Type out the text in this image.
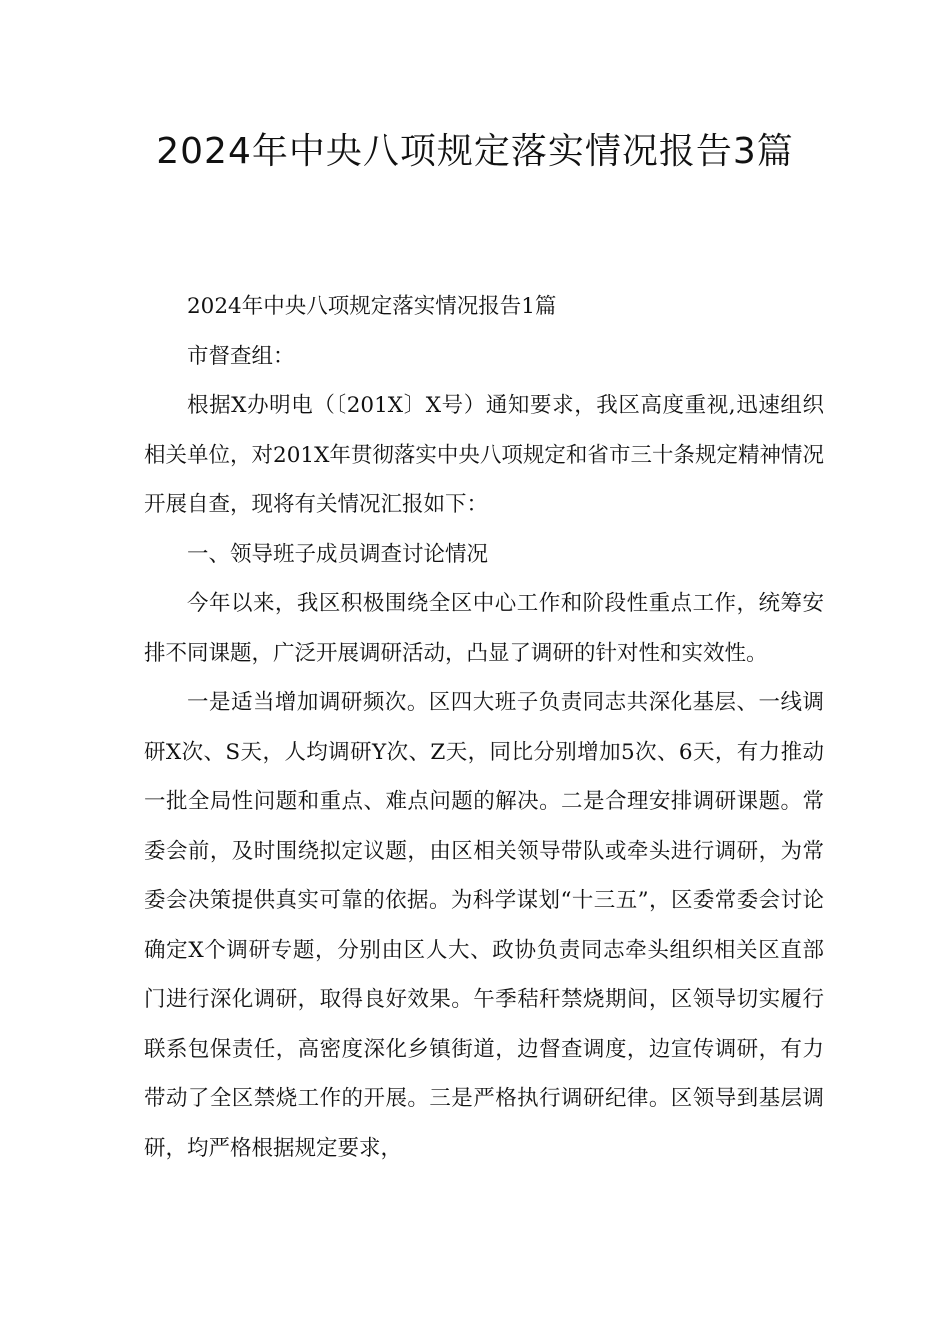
2024年中央八项规定落实情况报告3篇

2024年中央八项规定落实情况报告1篇

市督查组：

根据X办明电（〔201X〕X号）通知要求，我区高度重视,迅速组织相关单位，对201X年贯彻落实中央八项规定和省市三十条规定精神情况开展自查，现将有关情况汇报如下：

一、领导班子成员调查讨论情况

今年以来，我区积极围绕全区中心工作和阶段性重点工作，统筹安排不同课题，广泛开展调研活动，凸显了调研的针对性和实效性。

一是适当增加调研频次。区四大班子负责同志共深化基层、一线调研X次、S天，人均调研Y次、Z天，同比分别增加5次、6天，有力推动一批全局性问题和重点、难点问题的解决。二是合理安排调研课题。常委会前，及时围绕拟定议题，由区相关领导带队或牵头进行调研，为常委会决策提供真实可靠的依据。为科学谋划“十三五”，区委常委会讨论确定X个调研专题，分别由区人大、政协负责同志牵头组织相关区直部门进行深化调研，取得良好效果。午季秸秆禁烧期间，区领导切实履行联系包保责任，高密度深化乡镇街道，边督查调度，边宣传调研，有力带动了全区禁烧工作的开展。三是严格执行调研纪律。区领导到基层调研，均严格根据规定要求，
